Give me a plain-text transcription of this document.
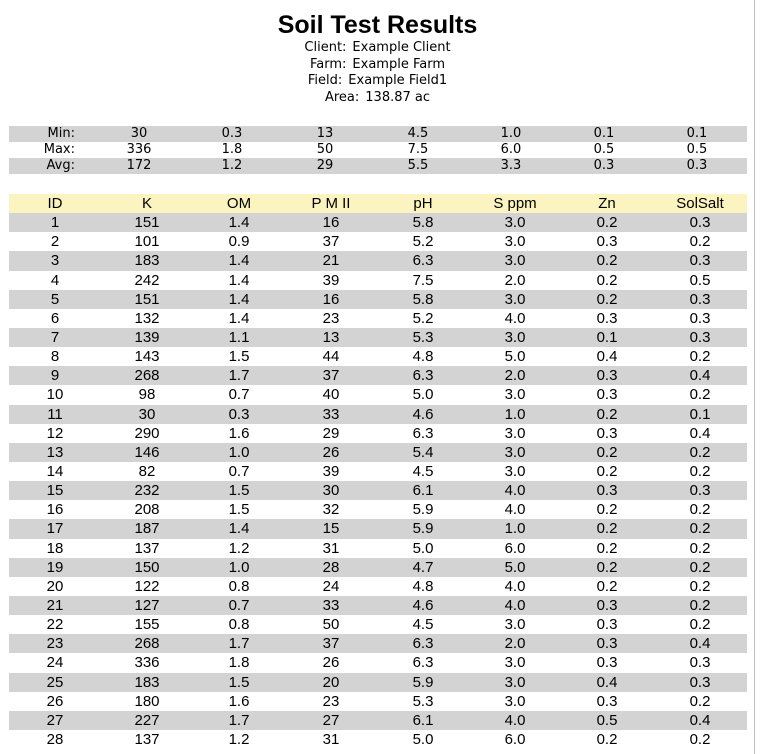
Soil Test Results
Client: Example Client
Farm: Example Farm
Field: Example Field1
Area: 138.87 ac
Min:	30	0.3	13	4.5	1.0	0.1	0.1
Max:	336	1.8	50	7.5	6.0	0.5	0.5
Avg:	172	1.2	29	5.5	3.3	0.3	0.3
ID	K	OM	P M II	pH	S ppm	Zn	SolSalt
1	151	1.4	16	5.8	3.0	0.2	0.3
2	101	0.9	37	5.2	3.0	0.3	0.2
3	183	1.4	21	6.3	3.0	0.2	0.3
4	242	1.4	39	7.5	2.0	0.2	0.5
5	151	1.4	16	5.8	3.0	0.2	0.3
6	132	1.4	23	5.2	4.0	0.3	0.3
7	139	1.1	13	5.3	3.0	0.1	0.3
8	143	1.5	44	4.8	5.0	0.4	0.2
9	268	1.7	37	6.3	2.0	0.3	0.4
10	98	0.7	40	5.0	3.0	0.3	0.2
11	30	0.3	33	4.6	1.0	0.2	0.1
12	290	1.6	29	6.3	3.0	0.3	0.4
13	146	1.0	26	5.4	3.0	0.2	0.2
14	82	0.7	39	4.5	3.0	0.2	0.2
15	232	1.5	30	6.1	4.0	0.3	0.3
16	208	1.5	32	5.9	4.0	0.2	0.2
17	187	1.4	15	5.9	1.0	0.2	0.2
18	137	1.2	31	5.0	6.0	0.2	0.2
19	150	1.0	28	4.7	5.0	0.2	0.2
20	122	0.8	24	4.8	4.0	0.2	0.2
21	127	0.7	33	4.6	4.0	0.3	0.2
22	155	0.8	50	4.5	3.0	0.3	0.2
23	268	1.7	37	6.3	2.0	0.3	0.4
24	336	1.8	26	6.3	3.0	0.3	0.3
25	183	1.5	20	5.9	3.0	0.4	0.3
26	180	1.6	23	5.3	3.0	0.3	0.2
27	227	1.7	27	6.1	4.0	0.5	0.4
28	137	1.2	31	5.0	6.0	0.2	0.2
